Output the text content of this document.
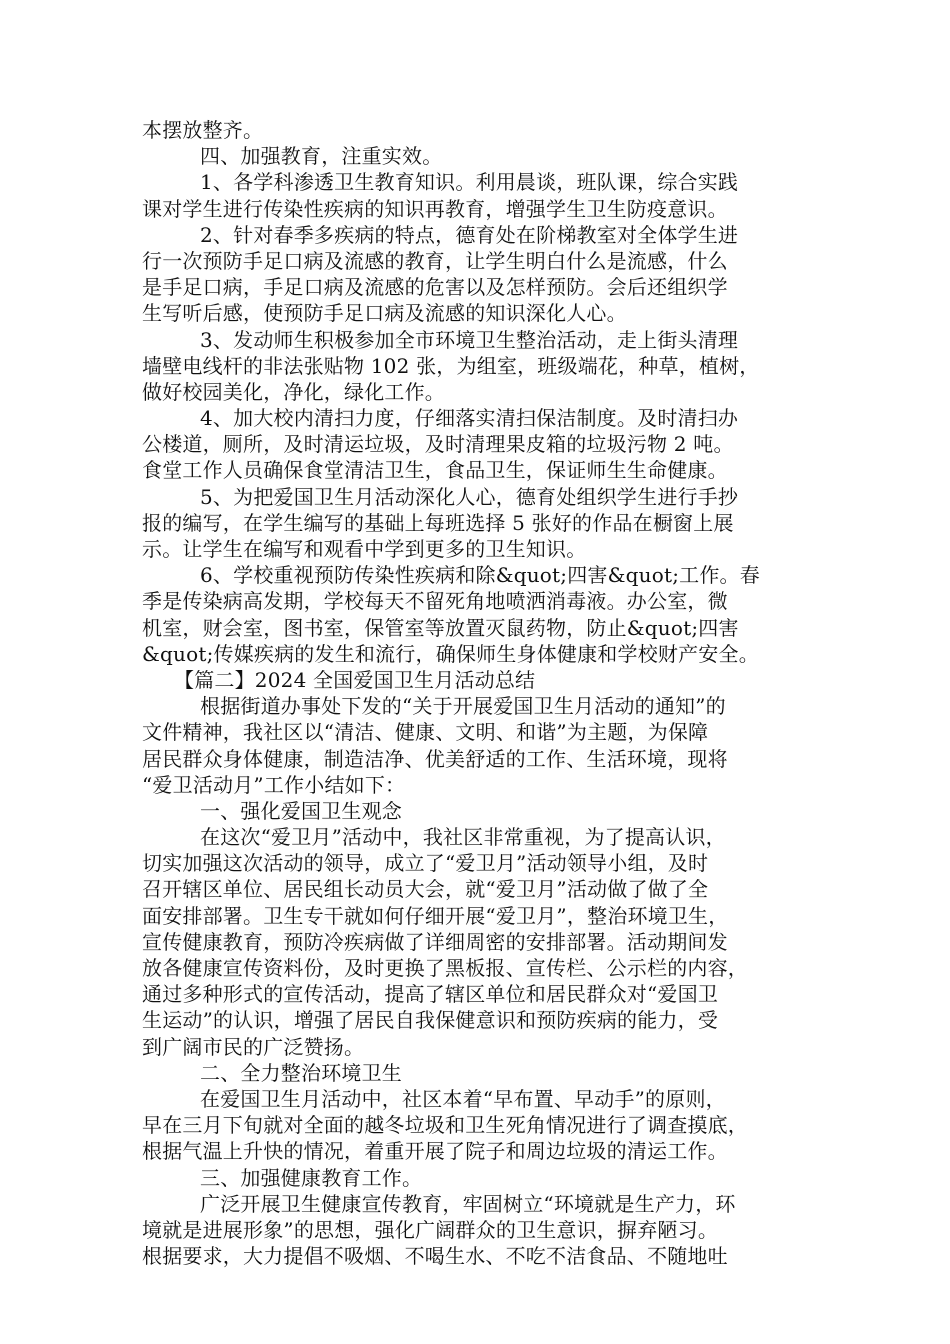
本摆放整齐。
四、加强教育，注重实效。
1、各学科渗透卫生教育知识。利用晨谈，班队课，综合实践
课对学生进行传染性疾病的知识再教育，增强学生卫生防疫意识。
2、针对春季多疾病的特点，德育处在阶梯教室对全体学生进
行一次预防手足口病及流感的教育，让学生明白什么是流感，什么
是手足口病，手足口病及流感的危害以及怎样预防。会后还组织学
生写听后感，使预防手足口病及流感的知识深化人心。
3、发动师生积极参加全市环境卫生整治活动，走上街头清理
墙壁电线杆的非法张贴物 102 张，为组室，班级端花，种草，植树，
做好校园美化，净化，绿化工作。
4、加大校内清扫力度，仔细落实清扫保洁制度。及时清扫办
公楼道，厕所，及时清运垃圾，及时清理果皮箱的垃圾污物 2 吨。
食堂工作人员确保食堂清洁卫生，食品卫生，保证师生生命健康。
5、为把爱国卫生月活动深化人心，德育处组织学生进行手抄
报的编写，在学生编写的基础上每班选择 5 张好的作品在橱窗上展
示。让学生在编写和观看中学到更多的卫生知识。
6、学校重视预防传染性疾病和除&quot;四害&quot;工作。春
季是传染病高发期，学校每天不留死角地喷洒消毒液。办公室，微
机室，财会室，图书室，保管室等放置灭鼠药物，防止&quot;四害
&quot;传媒疾病的发生和流行，确保师生身体健康和学校财产安全。
【篇二】2024 全国爱国卫生月活动总结
根据街道办事处下发的“关于开展爱国卫生月活动的通知”的
文件精神，我社区以“清洁、健康、文明、和谐”为主题，为保障
居民群众身体健康，制造洁净、优美舒适的工作、生活环境，现将
“爱卫活动月”工作小结如下：
一、强化爱国卫生观念
在这次“爱卫月”活动中，我社区非常重视，为了提高认识，
切实加强这次活动的领导，成立了“爱卫月”活动领导小组，及时
召开辖区单位、居民组长动员大会，就“爱卫月”活动做了做了全
面安排部署。卫生专干就如何仔细开展“爱卫月”，整治环境卫生，
宣传健康教育，预防冷疾病做了详细周密的安排部署。活动期间发
放各健康宣传资料份，及时更换了黑板报、宣传栏、公示栏的内容，
通过多种形式的宣传活动，提高了辖区单位和居民群众对“爱国卫
生运动”的认识，增强了居民自我保健意识和预防疾病的能力，受
到广阔市民的广泛赞扬。
二、全力整治环境卫生
在爱国卫生月活动中，社区本着“早布置、早动手”的原则，
早在三月下旬就对全面的越冬垃圾和卫生死角情况进行了调查摸底，
根据气温上升快的情况，着重开展了院子和周边垃圾的清运工作。
三、加强健康教育工作。
广泛开展卫生健康宣传教育，牢固树立“环境就是生产力，环
境就是进展形象”的思想，强化广阔群众的卫生意识，摒弃陋习。
根据要求，大力提倡不吸烟、不喝生水、不吃不洁食品、不随地吐
